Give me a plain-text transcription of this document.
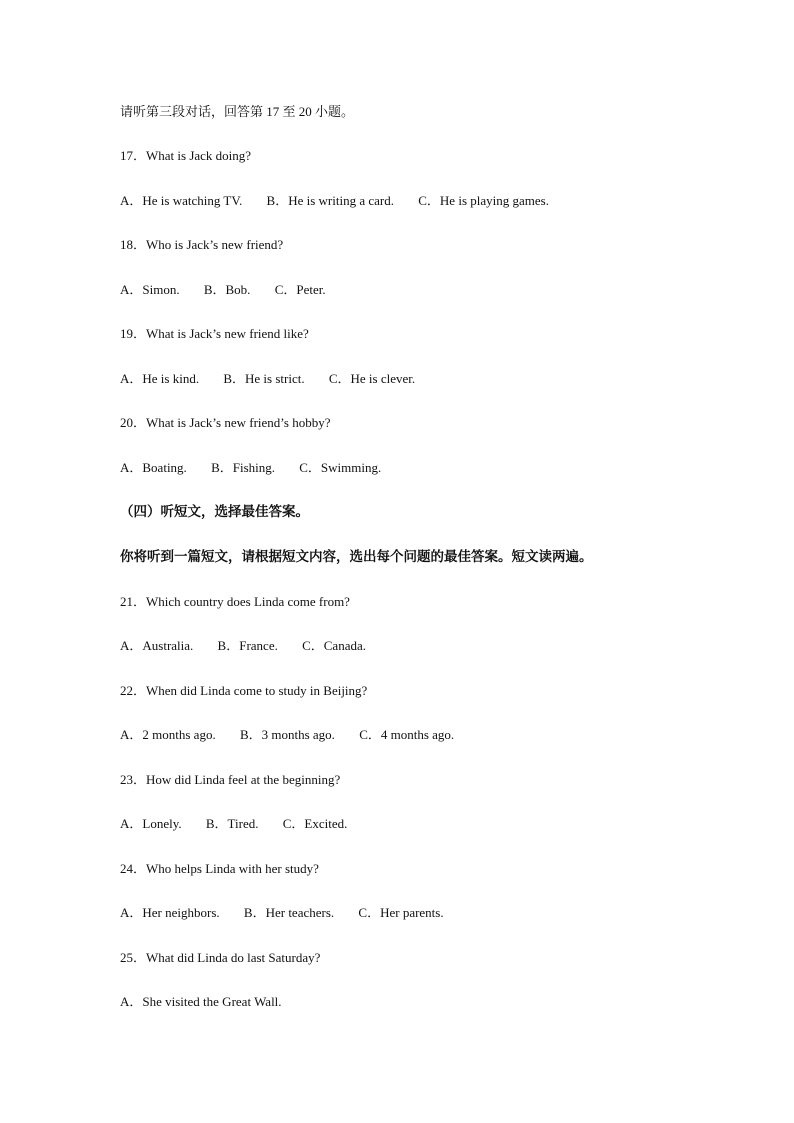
请听第三段对话，回答第 17 至 20 小题。
17．What is Jack doing?
A．He is watching TV. B．He is writing a card. C．He is playing games.
18．Who is Jack’s new friend?
A．Simon. B．Bob. C．Peter.
19．What is Jack’s new friend like?
A．He is kind. B．He is strict. C．He is clever.
20．What is Jack’s new friend’s hobby?
A．Boating. B．Fishing. C．Swimming.
（四）听短文，选择最佳答案。
你将听到一篇短文，请根据短文内容，选出每个问题的最佳答案。短文读两遍。
21．Which country does Linda come from?
A．Australia. B．France. C．Canada.
22．When did Linda come to study in Beijing?
A．2 months ago. B．3 months ago. C．4 months ago.
23．How did Linda feel at the beginning?
A．Lonely. B．Tired. C．Excited.
24．Who helps Linda with her study?
A．Her neighbors. B．Her teachers. C．Her parents.
25．What did Linda do last Saturday?
A．She visited the Great Wall.
